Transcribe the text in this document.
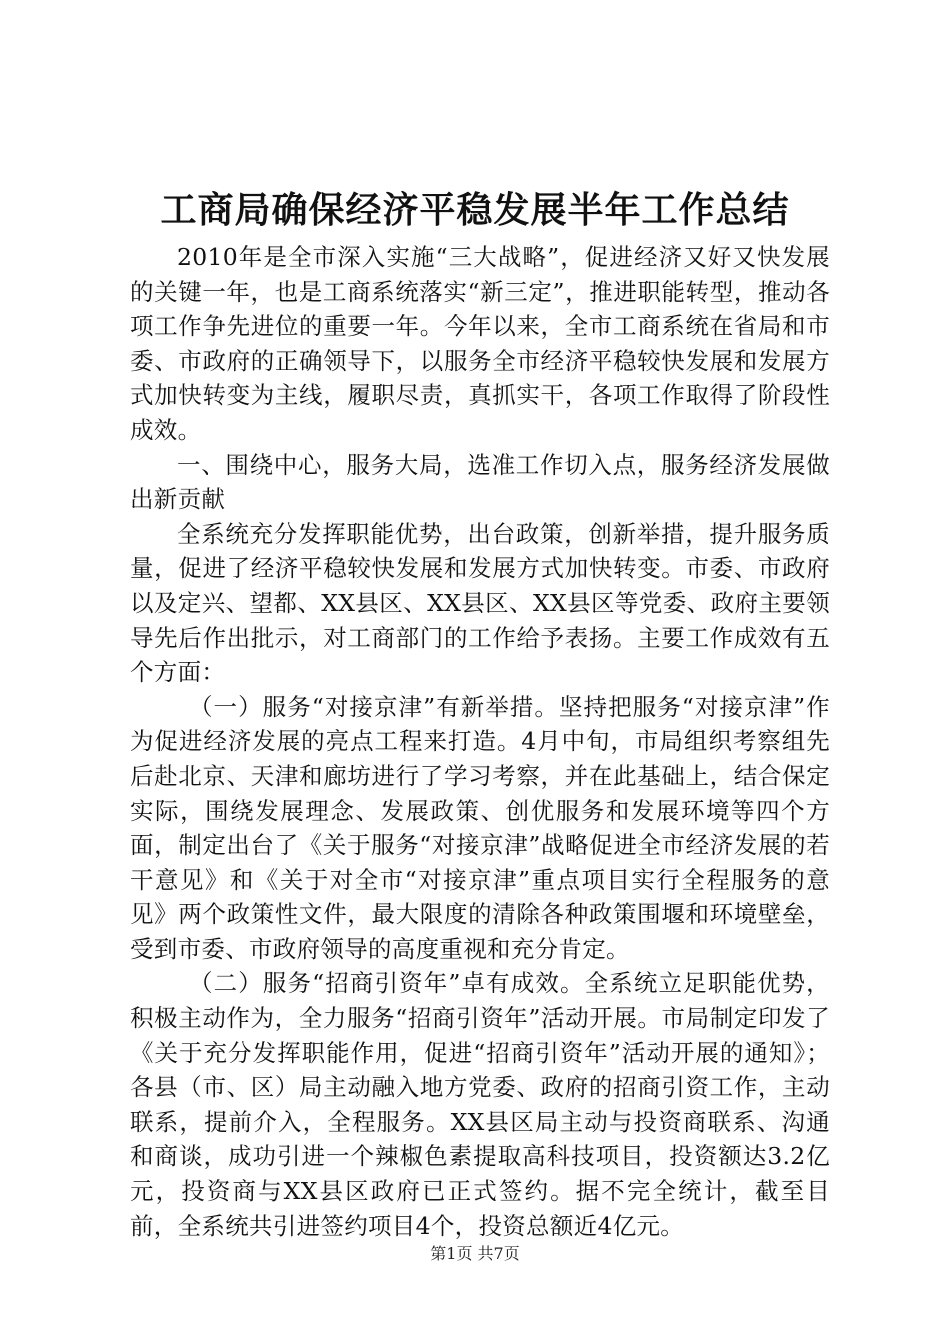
工商局确保经济平稳发展半年工作总结

2010年是全市深入实施“三大战略”，促进经济又好又快发展的关键一年，也是工商系统落实“新三定”，推进职能转型，推动各项工作争先进位的重要一年。今年以来，全市工商系统在省局和市委、市政府的正确领导下，以服务全市经济平稳较快发展和发展方式加快转变为主线，履职尽责，真抓实干，各项工作取得了阶段性成效。

一、围绕中心，服务大局，选准工作切入点，服务经济发展做出新贡献

全系统充分发挥职能优势，出台政策，创新举措，提升服务质量，促进了经济平稳较快发展和发展方式加快转变。市委、市政府以及定兴、望都、XX县区、XX县区、XX县区等党委、政府主要领导先后作出批示，对工商部门的工作给予表扬。主要工作成效有五个方面：

（一）服务“对接京津”有新举措。坚持把服务“对接京津”作为促进经济发展的亮点工程来打造。4月中旬，市局组织考察组先后赴北京、天津和廊坊进行了学习考察，并在此基础上，结合保定实际，围绕发展理念、发展政策、创优服务和发展环境等四个方面，制定出台了《关于服务“对接京津”战略促进全市经济发展的若干意见》和《关于对全市“对接京津”重点项目实行全程服务的意见》两个政策性文件，最大限度的清除各种政策围堰和环境壁垒，受到市委、市政府领导的高度重视和充分肯定。

（二）服务“招商引资年”卓有成效。全系统立足职能优势，积极主动作为，全力服务“招商引资年”活动开展。市局制定印发了《关于充分发挥职能作用，促进“招商引资年”活动开展的通知》；各县（市、区）局主动融入地方党委、政府的招商引资工作，主动联系，提前介入，全程服务。XX县区局主动与投资商联系、沟通和商谈，成功引进一个辣椒色素提取高科技项目，投资额达3.2亿元，投资商与XX县区政府已正式签约。据不完全统计，截至目前，全系统共引进签约项目4个，投资总额近4亿元。

第1页 共7页
